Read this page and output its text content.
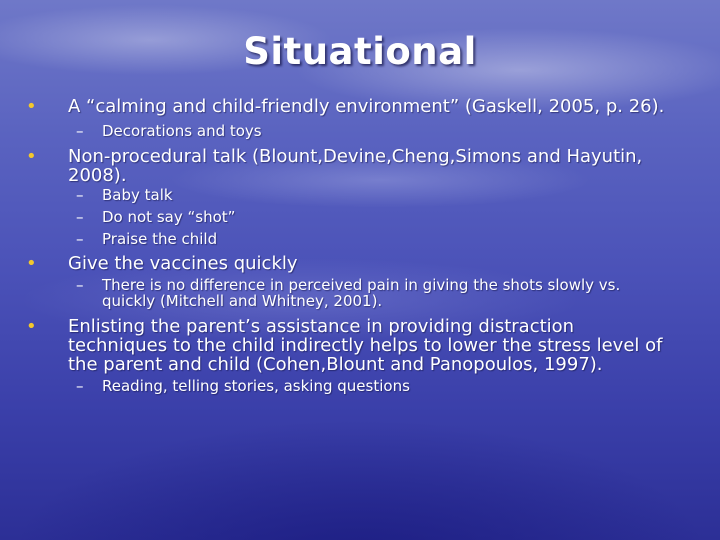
Situational
•	A “calming and child-friendly environment” (Gaskell, 2005, p. 26).
–	Decorations and toys
•	Non-procedural talk (Blount,Devine,Cheng,Simons and Hayutin, 2008).
–	Baby talk
–	Do not say “shot”
–	Praise the child
•	Give the vaccines quickly
–	There is no difference in perceived pain in giving the shots slowly vs. quickly (Mitchell and Whitney, 2001).
•	Enlisting the parent’s assistance in providing distraction techniques to the child indirectly helps to lower the stress level of the parent and child (Cohen,Blount and Panopoulos, 1997).
–	Reading, telling stories, asking questions
